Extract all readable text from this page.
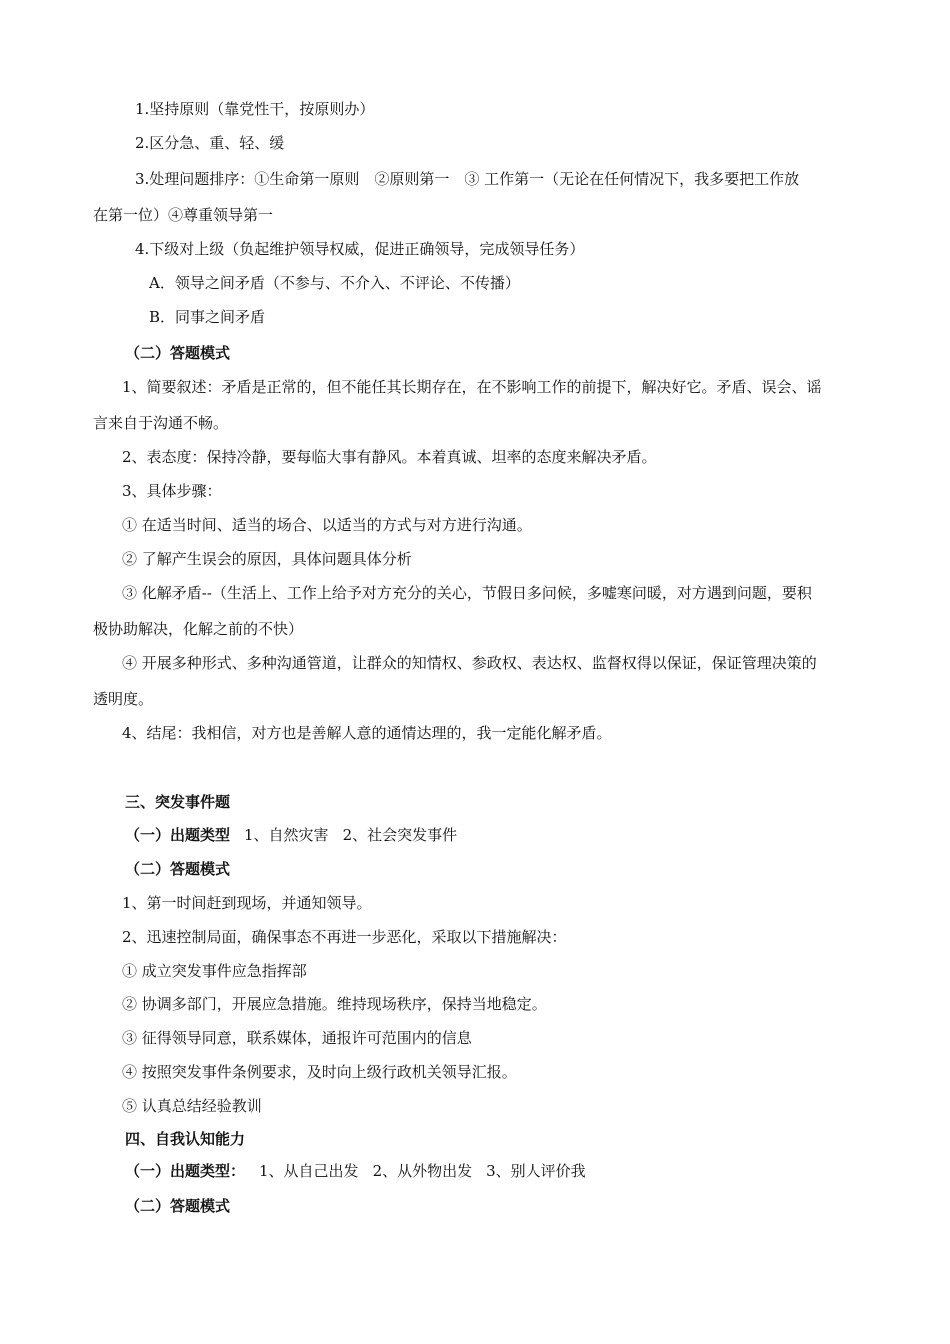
1.坚持原则（靠党性干，按原则办）
2.区分急、重、轻、缓
3.处理问题排序：①生命第一原则　②原则第一　③ 工作第一（无论在任何情况下，我多要把工作放
在第一位）④尊重领导第一
4.下级对上级（负起维护领导权威，促进正确领导，完成领导任务）
A．领导之间矛盾（不参与、不介入、不评论、不传播）
B．同事之间矛盾
（二）答题模式
1、简要叙述：矛盾是正常的，但不能任其长期存在，在不影响工作的前提下，解决好它。矛盾、误会、谣
言来自于沟通不畅。
2、表态度：保持冷静，要每临大事有静风。本着真诚、坦率的态度来解决矛盾。
3、具体步骤：
① 在适当时间、适当的场合、以适当的方式与对方进行沟通。
② 了解产生误会的原因，具体问题具体分析
③ 化解矛盾--（生活上、工作上给予对方充分的关心，节假日多问候，多嘘寒问暖，对方遇到问题，要积
极协助解决，化解之前的不快）
④ 开展多种形式、多种沟通管道，让群众的知情权、参政权、表达权、监督权得以保证，保证管理决策的
透明度。
4、结尾：我相信，对方也是善解人意的通情达理的，我一定能化解矛盾。
三、突发事件题
（一）出题类型 1、自然灾害 2、社会突发事件
（二）答题模式
1、第一时间赶到现场，并通知领导。
2、迅速控制局面，确保事态不再进一步恶化，采取以下措施解决：
① 成立突发事件应急指挥部
② 协调多部门，开展应急措施。维持现场秩序，保持当地稳定。
③ 征得领导同意，联系媒体，通报许可范围内的信息
④ 按照突发事件条例要求，及时向上级行政机关领导汇报。
⑤ 认真总结经验教训
四、自我认知能力
（一）出题类型： 1、从自己出发 2、从外物出发 3、别人评价我
（二）答题模式
